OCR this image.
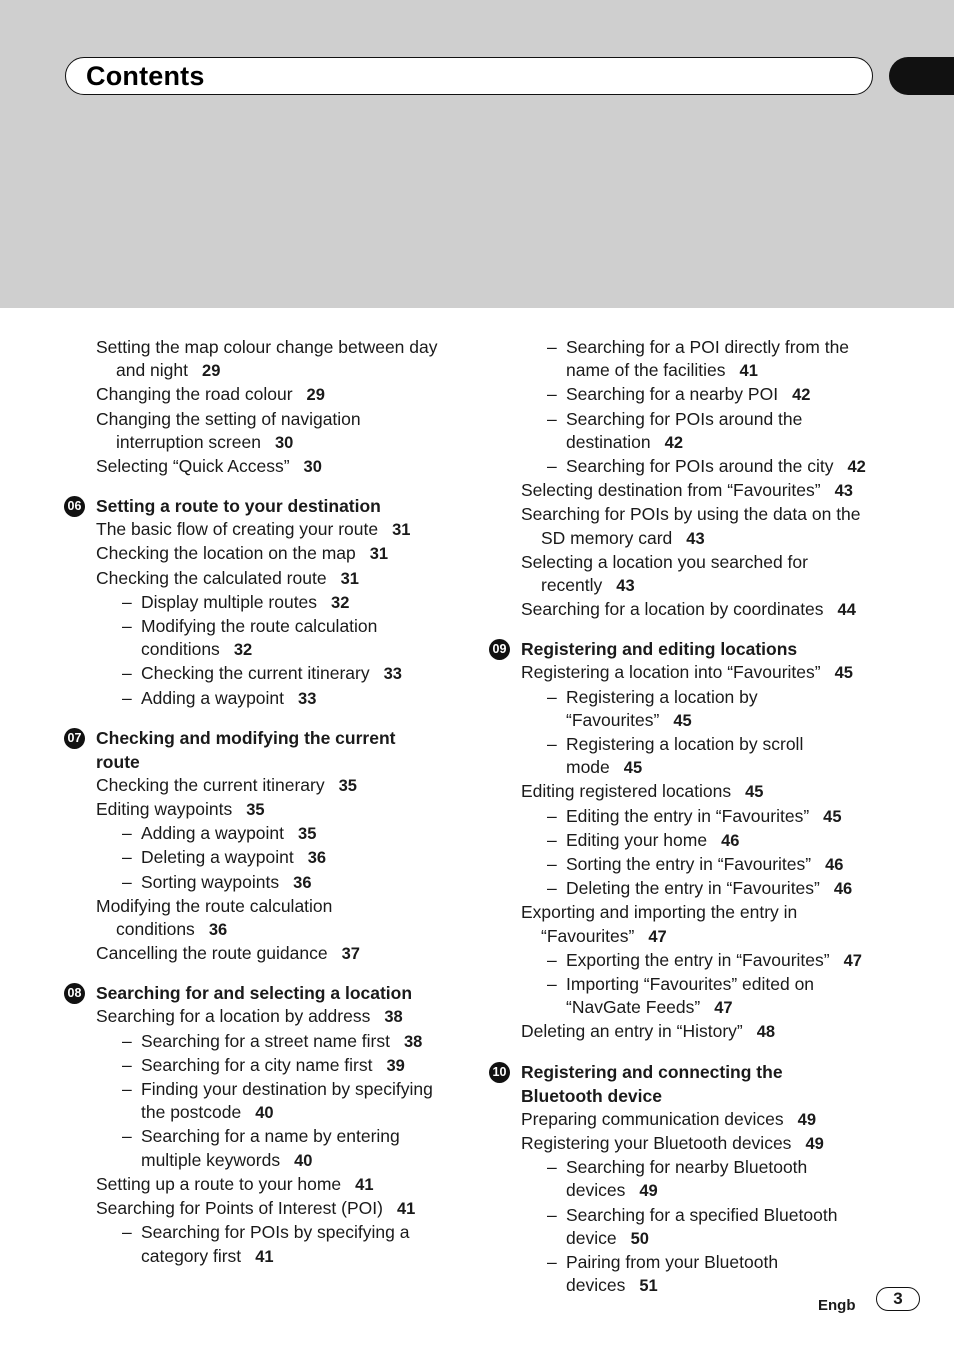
Contents
Setting the map colour change between day
and night 29
Changing the road colour 29
Changing the setting of navigation
interruption screen 30
Selecting “Quick Access” 30
06 Setting a route to your destination
The basic flow of creating your route 31
Checking the location on the map 31
Checking the calculated route 31
– Display multiple routes 32
– Modifying the route calculation
conditions 32
– Checking the current itinerary 33
– Adding a waypoint 33
07 Checking and modifying the current
route
Checking the current itinerary 35
Editing waypoints 35
– Adding a waypoint 35
– Deleting a waypoint 36
– Sorting waypoints 36
Modifying the route calculation
conditions 36
Cancelling the route guidance 37
08 Searching for and selecting a location
Searching for a location by address 38
– Searching for a street name first 38
– Searching for a city name first 39
– Finding your destination by specifying
the postcode 40
– Searching for a name by entering
multiple keywords 40
Setting up a route to your home 41
Searching for Points of Interest (POI) 41
– Searching for POIs by specifying a
category first 41
– Searching for a POI directly from the
name of the facilities 41
– Searching for a nearby POI 42
– Searching for POIs around the
destination 42
– Searching for POIs around the city 42
Selecting destination from “Favourites” 43
Searching for POIs by using the data on the
SD memory card 43
Selecting a location you searched for
recently 43
Searching for a location by coordinates 44
09 Registering and editing locations
Registering a location into “Favourites” 45
– Registering a location by
“Favourites” 45
– Registering a location by scroll
mode 45
Editing registered locations 45
– Editing the entry in “Favourites” 45
– Editing your home 46
– Sorting the entry in “Favourites” 46
– Deleting the entry in “Favourites” 46
Exporting and importing the entry in
“Favourites” 47
– Exporting the entry in “Favourites” 47
– Importing “Favourites” edited on
“NavGate Feeds” 47
Deleting an entry in “History” 48
10 Registering and connecting the
Bluetooth device
Preparing communication devices 49
Registering your Bluetooth devices 49
– Searching for nearby Bluetooth
devices 49
– Searching for a specified Bluetooth
device 50
– Pairing from your Bluetooth
devices 51
Engb	3
